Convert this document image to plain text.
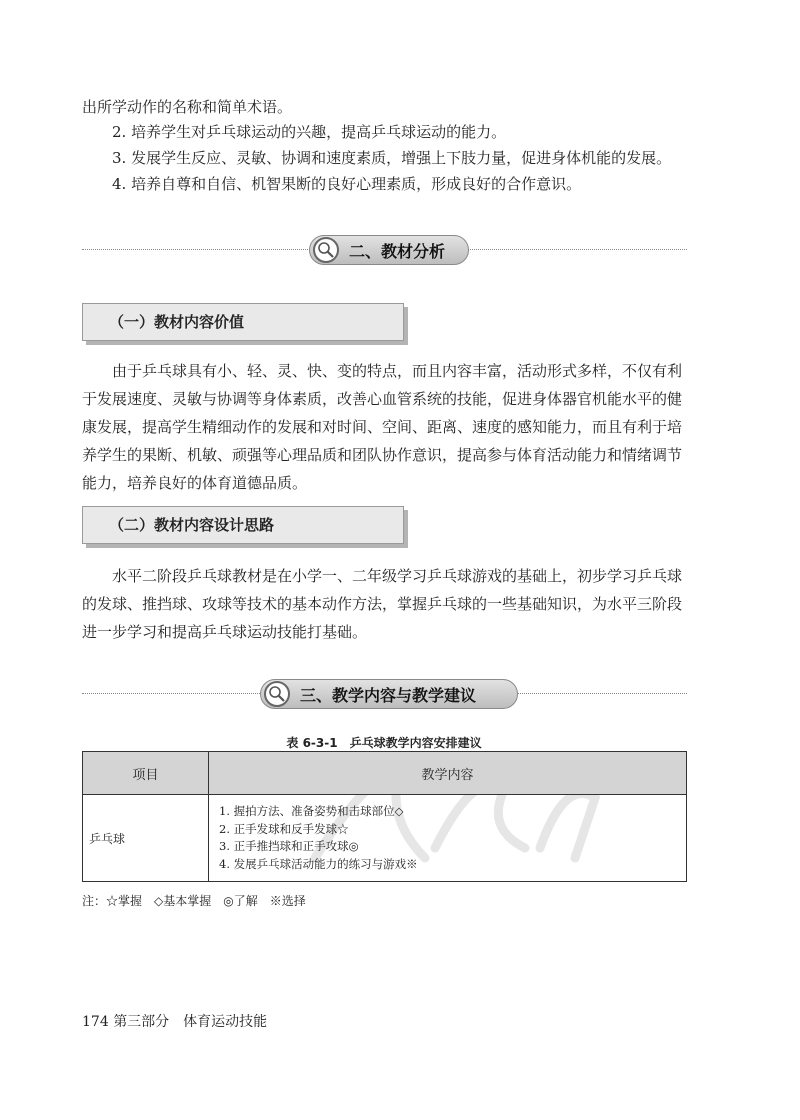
出所学动作的名称和简单术语。
2. 培养学生对乒乓球运动的兴趣，提高乒乓球运动的能力。
3. 发展学生反应、灵敏、协调和速度素质，增强上下肢力量，促进身体机能的发展。
4. 培养自尊和自信、机智果断的良好心理素质，形成良好的合作意识。
二、教材分析
（一）教材内容价值
由于乒乓球具有小、轻、灵、快、变的特点，而且内容丰富，活动形式多样，不仅有利于发展速度、灵敏与协调等身体素质，改善心血管系统的技能，促进身体器官机能水平的健康发展，提高学生精细动作的发展和对时间、空间、距离、速度的感知能力，而且有利于培养学生的果断、机敏、顽强等心理品质和团队协作意识，提高参与体育活动能力和情绪调节能力，培养良好的体育道德品质。
（二）教材内容设计思路
水平二阶段乒乓球教材是在小学一、二年级学习乒乓球游戏的基础上，初步学习乒乓球的发球、推挡球、攻球等技术的基本动作方法，掌握乒乓球的一些基础知识，为水平三阶段进一步学习和提高乒乓球运动技能打基础。
三、教学内容与教学建议
表 6-3-1　乒乓球教学内容安排建议
项目	教学内容
乒乓球	1. 握拍方法、准备姿势和击球部位◇
2. 正手发球和反手发球☆
3. 正手推挡球和正手攻球◎
4. 发展乒乓球活动能力的练习与游戏※
注：☆掌握　◇基本掌握　◎了解　※选择
174 第三部分　体育运动技能
